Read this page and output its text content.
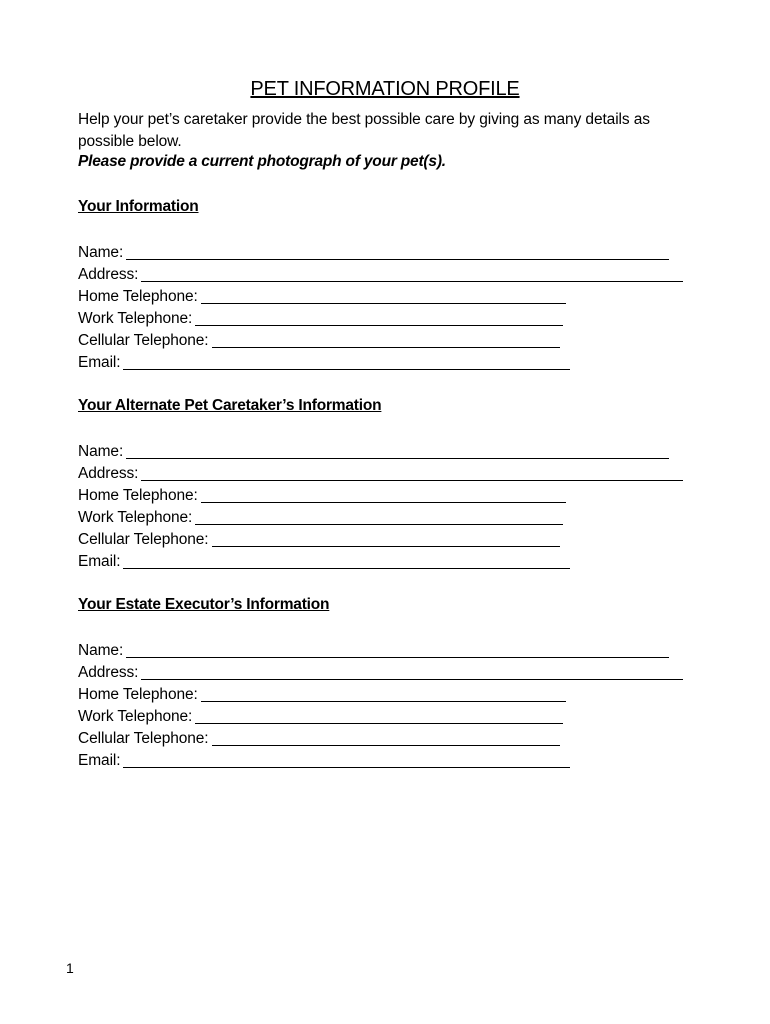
PET INFORMATION PROFILE
Help your pet’s caretaker provide the best possible care by giving as many details as possible below.
Please provide a current photograph of your pet(s).
Your Information
Name:
Address:
Home Telephone:
Work Telephone:
Cellular Telephone:
Email:
Your Alternate Pet Caretaker’s Information
Name:
Address:
Home Telephone:
Work Telephone:
Cellular Telephone:
Email:
Your Estate Executor’s Information
Name:
Address:
Home Telephone:
Work Telephone:
Cellular Telephone:
Email:
1
